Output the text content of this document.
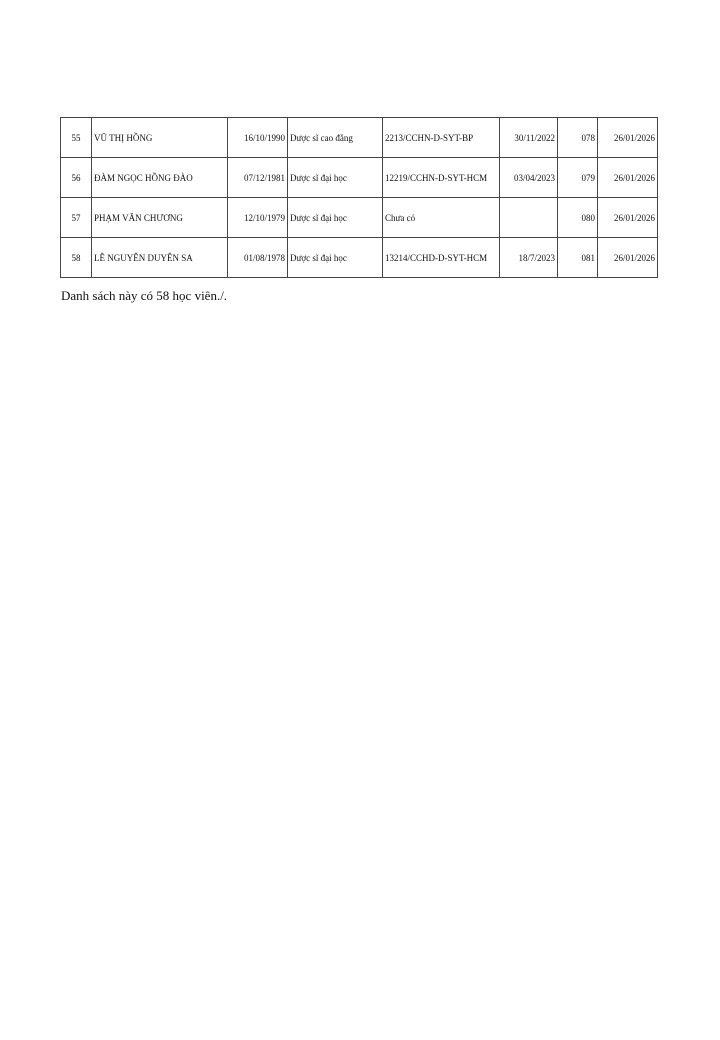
55	VŨ THỊ HỒNG	16/10/1990	Dược sĩ cao đẳng	2213/CCHN-D-SYT-BP	30/11/2022	078	26/01/2026
56	ĐÀM NGỌC HỒNG ĐÀO	07/12/1981	Dược sĩ đại học	12219/CCHN-D-SYT-HCM	03/04/2023	079	26/01/2026
57	PHẠM VĂN CHƯƠNG	12/10/1979	Dược sĩ đại học	Chưa có		080	26/01/2026
58	LÊ NGUYÊN DUYÊN SA	01/08/1978	Dược sĩ đại học	13214/CCHD-D-SYT-HCM	18/7/2023	081	26/01/2026
Danh sách này có 58 học viên./.
